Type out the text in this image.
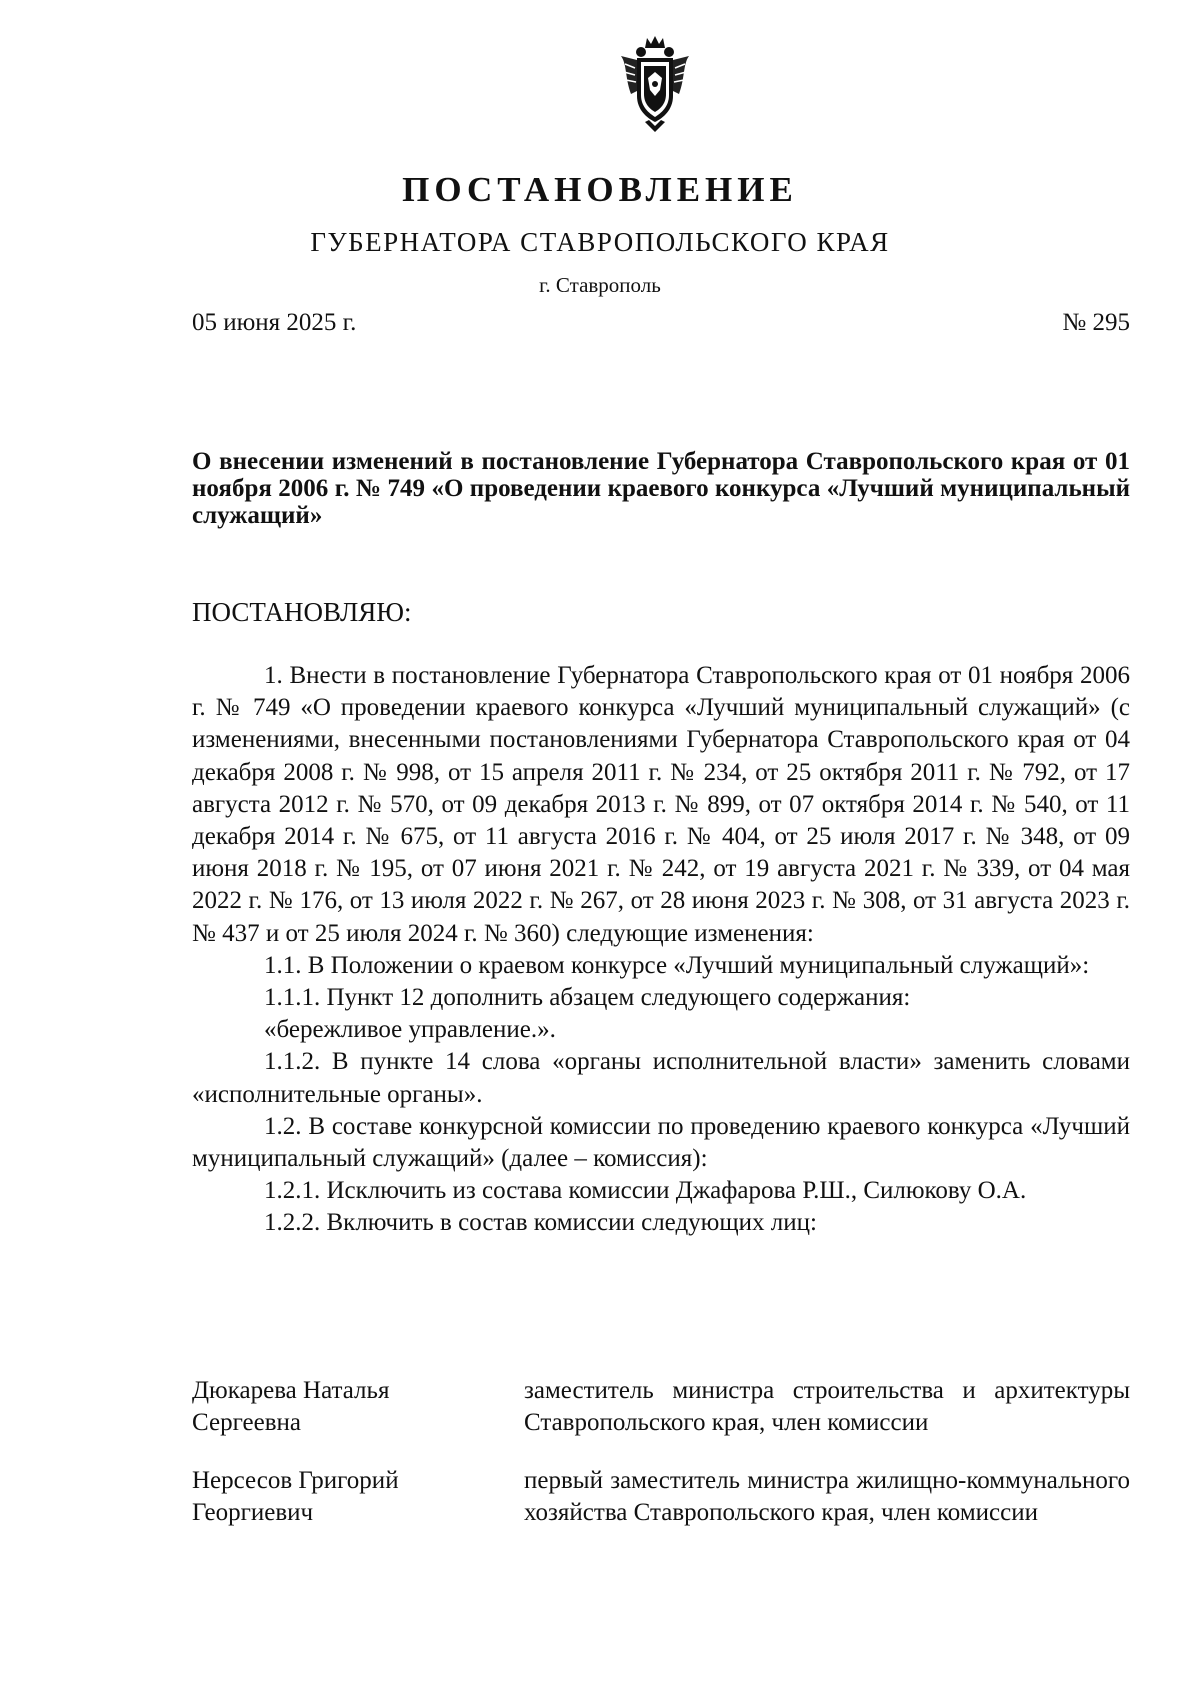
ПОСТАНОВЛЕНИЕ
ГУБЕРНАТОРА СТАВРОПОЛЬСКОГО КРАЯ
г. Ставрополь
05 июня 2025 г.	№ 295
О внесении изменений в постановление Губернатора Ставропольского края от 01 ноября 2006 г. № 749 «О проведении краевого конкурса «Лучший муниципальный служащий»
ПОСТАНОВЛЯЮ:

1. Внести в постановление Губернатора Ставропольского края от 01 ноября 2006 г. № 749 «О проведении краевого конкурса «Лучший муниципальный служащий» (с изменениями, внесенными постановлениями Губернатора Ставропольского края от 04 декабря 2008 г. № 998, от 15 апреля 2011 г. № 234, от 25 октября 2011 г. № 792, от 17 августа 2012 г. № 570, от 09 декабря 2013 г. № 899, от 07 октября 2014 г. № 540, от 11 декабря 2014 г. № 675, от 11 августа 2016 г. № 404, от 25 июля 2017 г. № 348, от 09 июня 2018 г. № 195, от 07 июня 2021 г. № 242, от 19 августа 2021 г. № 339, от 04 мая 2022 г. № 176, от 13 июля 2022 г. № 267, от 28 июня 2023 г. № 308, от 31 августа 2023 г. № 437 и от 25 июля 2024 г. № 360) следующие изменения:

1.1. В Положении о краевом конкурсе «Лучший муниципальный служащий»:

1.1.1. Пункт 12 дополнить абзацем следующего содержания:

«бережливое управление.».

1.1.2. В пункте 14 слова «органы исполнительной власти» заменить словами «исполнительные органы».

1.2. В составе конкурсной комиссии по проведению краевого конкурса «Лучший муниципальный служащий» (далее – комиссия):

1.2.1. Исключить из состава комиссии Джафарова Р.Ш., Силюкову О.А.

1.2.2. Включить в состав комиссии следующих лиц:

Дюкарева Наталья
Сергеевна
заместитель министра строительства и архитектуры Ставропольского края, член комиссии
Нерсесов Григорий
Георгиевич
первый заместитель министра жилищно-коммунального хозяйства Ставропольского края, член комиссии
